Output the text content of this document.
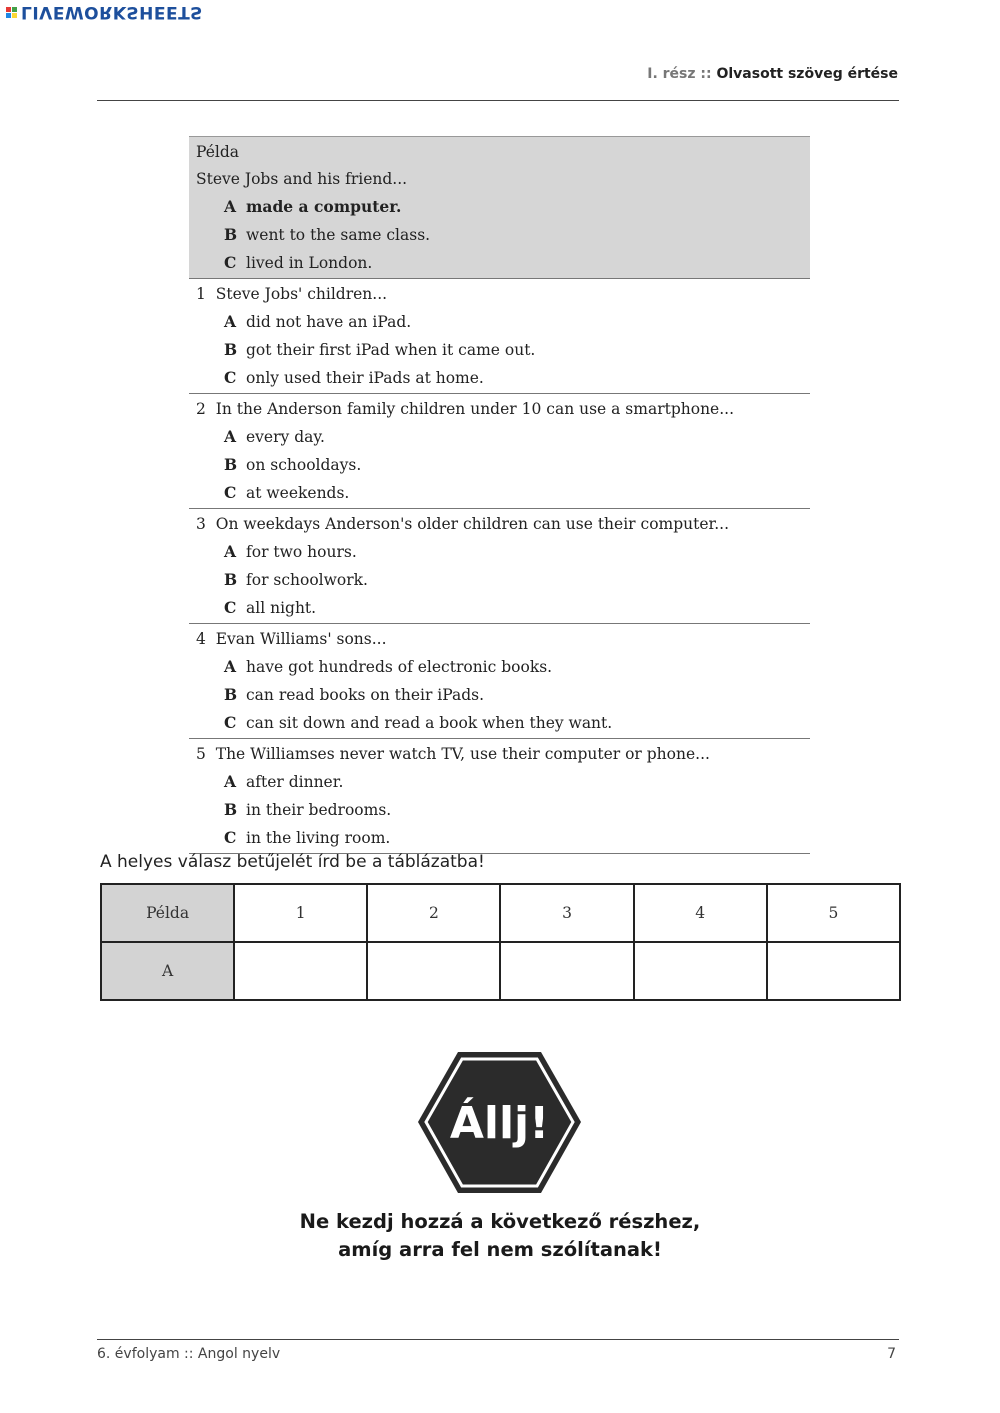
LIVEWORKSHEETS
I. rész :: Olvasott szöveg értése
Példa
Steve Jobs and his friend...
A made a computer.
B went to the same class.
C lived in London.
1 Steve Jobs' children...
A did not have an iPad.
B got their first iPad when it came out.
C only used their iPads at home.
2 In the Anderson family children under 10 can use a smartphone...
A every day.
B on schooldays.
C at weekends.
3 On weekdays Anderson's older children can use their computer...
A for two hours.
B for schoolwork.
C all night.
4 Evan Williams' sons...
A have got hundreds of electronic books.
B can read books on their iPads.
C can sit down and read a book when they want.
5 The Williamses never watch TV, use their computer or phone...
A after dinner.
B in their bedrooms.
C in the living room.
A helyes válasz betűjelét írd be a táblázatba!
Példa	1	2	3	4	5
A					
Állj!
Ne kezdj hozzá a következő részhez,
amíg arra fel nem szólítanak!
6. évfolyam :: Angol nyelv	7
